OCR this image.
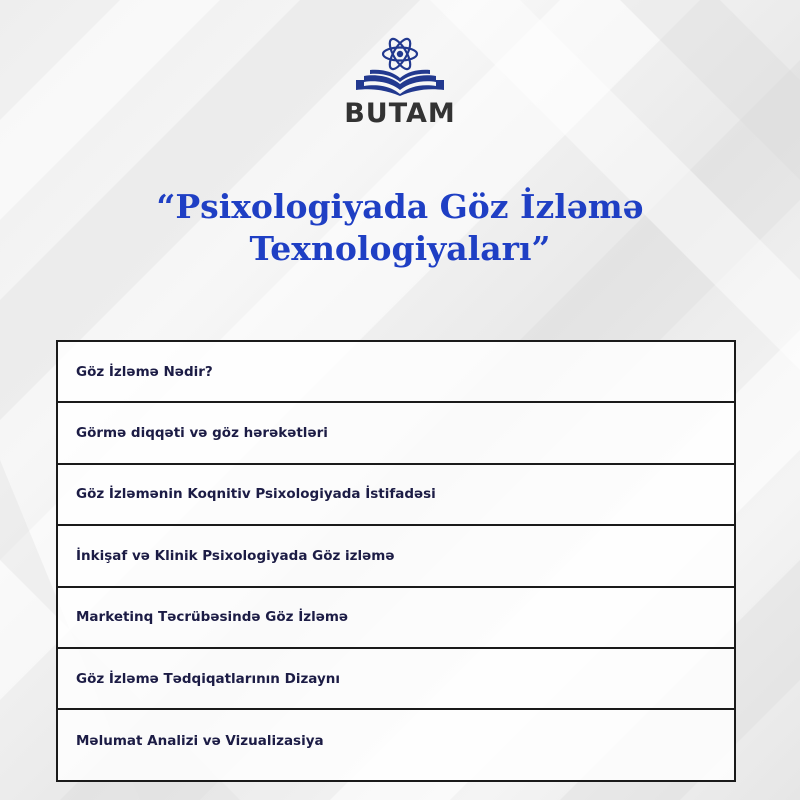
BUTAM
“Psixologiyada Göz İzləmə
Texnologiyaları”
Göz İzləmə Nədir?
Görmə diqqəti və göz hərəkətləri
Göz İzləmənin Koqnitiv Psixologiyada İstifadəsi
İnkişaf və Klinik Psixologiyada Göz izləmə
Marketinq Təcrübəsində Göz İzləmə
Göz İzləmə Tədqiqatlarının Dizaynı
Məlumat Analizi və Vizualizasiya
